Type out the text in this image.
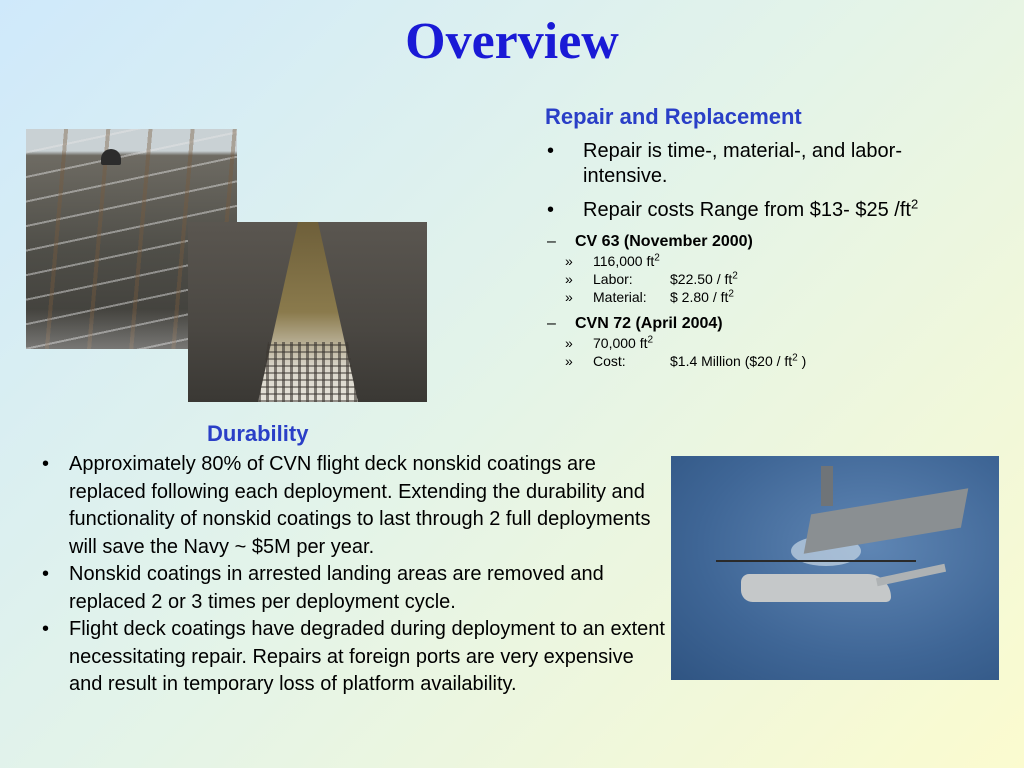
Overview
Repair and Replacement
• Repair is time-, material-, and labor-intensive.
• Repair costs Range from $13- $25 $/ft^2$
– CV 63 (November 2000)
» 116,000 $ft^2$
» Labor:	$22.50 / $ft^2$
» Material: $ $2.80 / ft^2$
– CVN 72 (April 2004)
» 70,000 $ft^2$
» Cost:	$1.4 Million ($20 / $ft^2$ )
Durability
• Approximately 80% of CVN flight deck nonskid coatings are replaced following each deployment. Extending the durability and functionality of nonskid coatings to last through 2 full deployments will save the Navy ~ $5M per year.
• Nonskid coatings in arrested landing areas are removed and replaced 2 or 3 times per deployment cycle.
• Flight deck coatings have degraded during deployment to an extent necessitating repair. Repairs at foreign ports are very expensive and result in temporary loss of platform availability.
